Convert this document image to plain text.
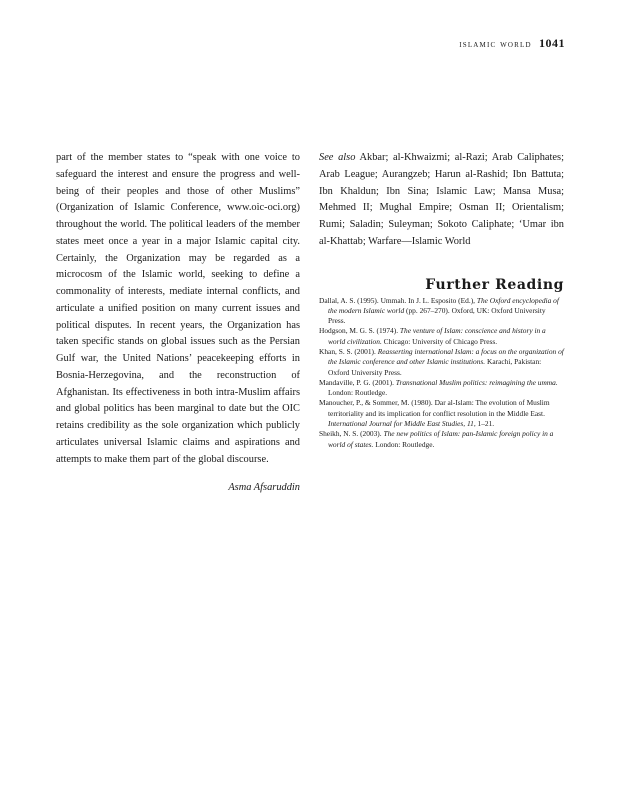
islamic world 1041

part of the member states to “speak with one voice to safeguard the interest and ensure the progress and well-being of their peoples and those of other Muslims” (Organization of Islamic Conference, www.oic-oci.org) throughout the world. The political leaders of the member states meet once a year in a major Islamic capital city. Certainly, the Organization may be regarded as a microcosm of the Islamic world, seeking to define a commonality of interests, mediate internal conflicts, and articulate a unified position on many current issues and political disputes. In recent years, the Organization has taken specific stands on global issues such as the Persian Gulf war, the United Nations’ peacekeeping efforts in Bosnia-Herzegovina, and the reconstruction of Afghanistan. Its effectiveness in both intra-Muslim affairs and global politics has been marginal to date but the OIC retains credibility as the sole organization which publicly articulates universal Islamic claims and aspirations and attempts to make them part of the global discourse.

Asma Afsaruddin

See also Akbar; al-Khwaizmi; al-Razi; Arab Caliphates; Arab League; Aurangzeb; Harun al-Rashid; Ibn Battuta; Ibn Khaldun; Ibn Sina; Islamic Law; Mansa Musa; Mehmed II; Mughal Empire; Osman II; Orientalism; Rumi; Saladin; Suleyman; Sokoto Caliphate; ‘Umar ibn al-Khattab; Warfare—Islamic World

Further Reading

Dallal, A. S. (1995). Ummah. In J. L. Esposito (Ed.), The Oxford encyclopedia of the modern Islamic world (pp. 267–270). Oxford, UK: Oxford University Press.

Hodgson, M. G. S. (1974). The venture of Islam: conscience and history in a world civilization. Chicago: University of Chicago Press.

Khan, S. S. (2001). Reasserting international Islam: a focus on the organization of the Islamic conference and other Islamic institutions. Karachi, Pakistan: Oxford University Press.

Mandaville, P. G. (2001). Transnational Muslim politics: reimagining the umma. London: Routledge.

Manoucher, P., & Sommer, M. (1980). Dar al-Islam: The evolution of Muslim territoriality and its implication for conflict resolution in the Middle East. International Journal for Middle East Studies, 11, 1–21.

Sheikh, N. S. (2003). The new politics of Islam: pan-Islamic foreign policy in a world of states. London: Routledge.
